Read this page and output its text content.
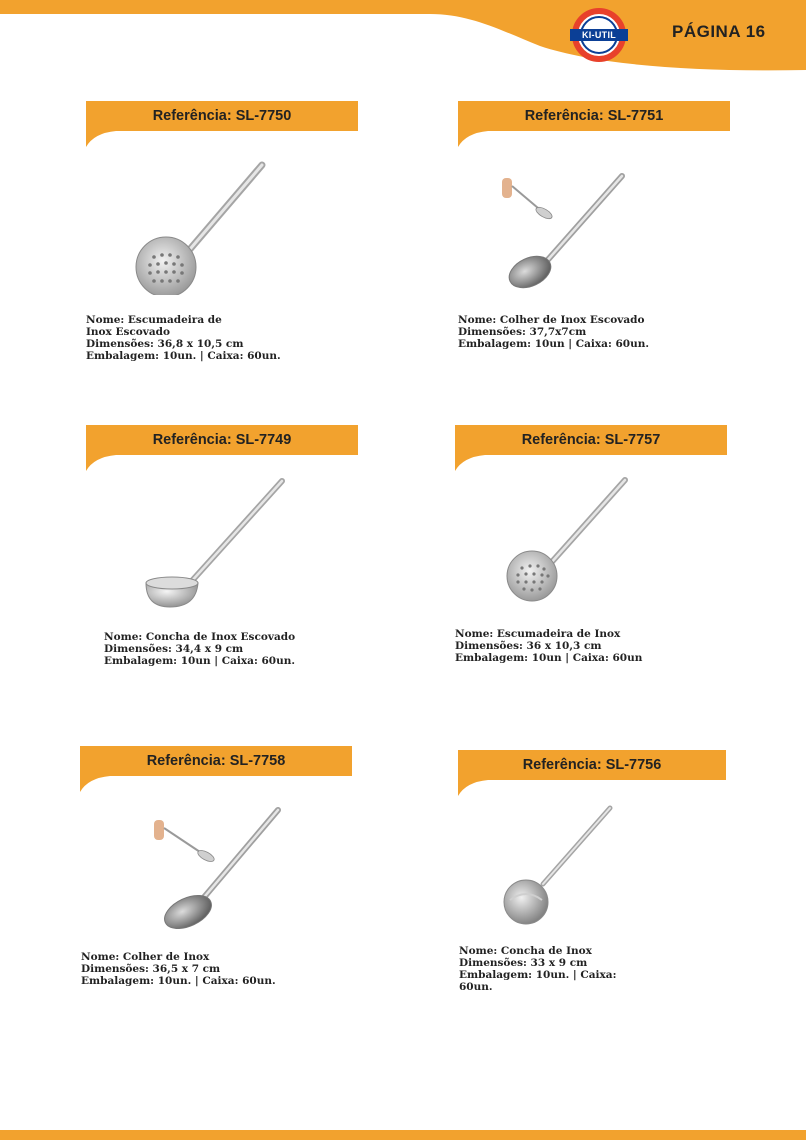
KI-UTIL	PÁGINA 16
Referência: SL-7750
Nome: Escumadeira de
Inox Escovado
Dimensões: 36,8 x 10,5 cm
Embalagem: 10un. | Caixa: 60un.
Referência: SL-7751
Nome: Colher de Inox Escovado
Dimensões: 37,7x7cm
Embalagem: 10un | Caixa: 60un.
Referência: SL-7749
Nome: Concha de Inox Escovado
Dimensões: 34,4 x 9 cm
Embalagem: 10un | Caixa: 60un.
Referência: SL-7757
Nome: Escumadeira de Inox
Dimensões: 36 x 10,3 cm
Embalagem: 10un | Caixa: 60un
Referência: SL-7758
Nome: Colher de Inox
Dimensões: 36,5 x 7 cm
Embalagem: 10un. | Caixa: 60un.
Referência: SL-7756
Nome: Concha de Inox
Dimensões: 33 x 9 cm
Embalagem: 10un. | Caixa:
60un.
